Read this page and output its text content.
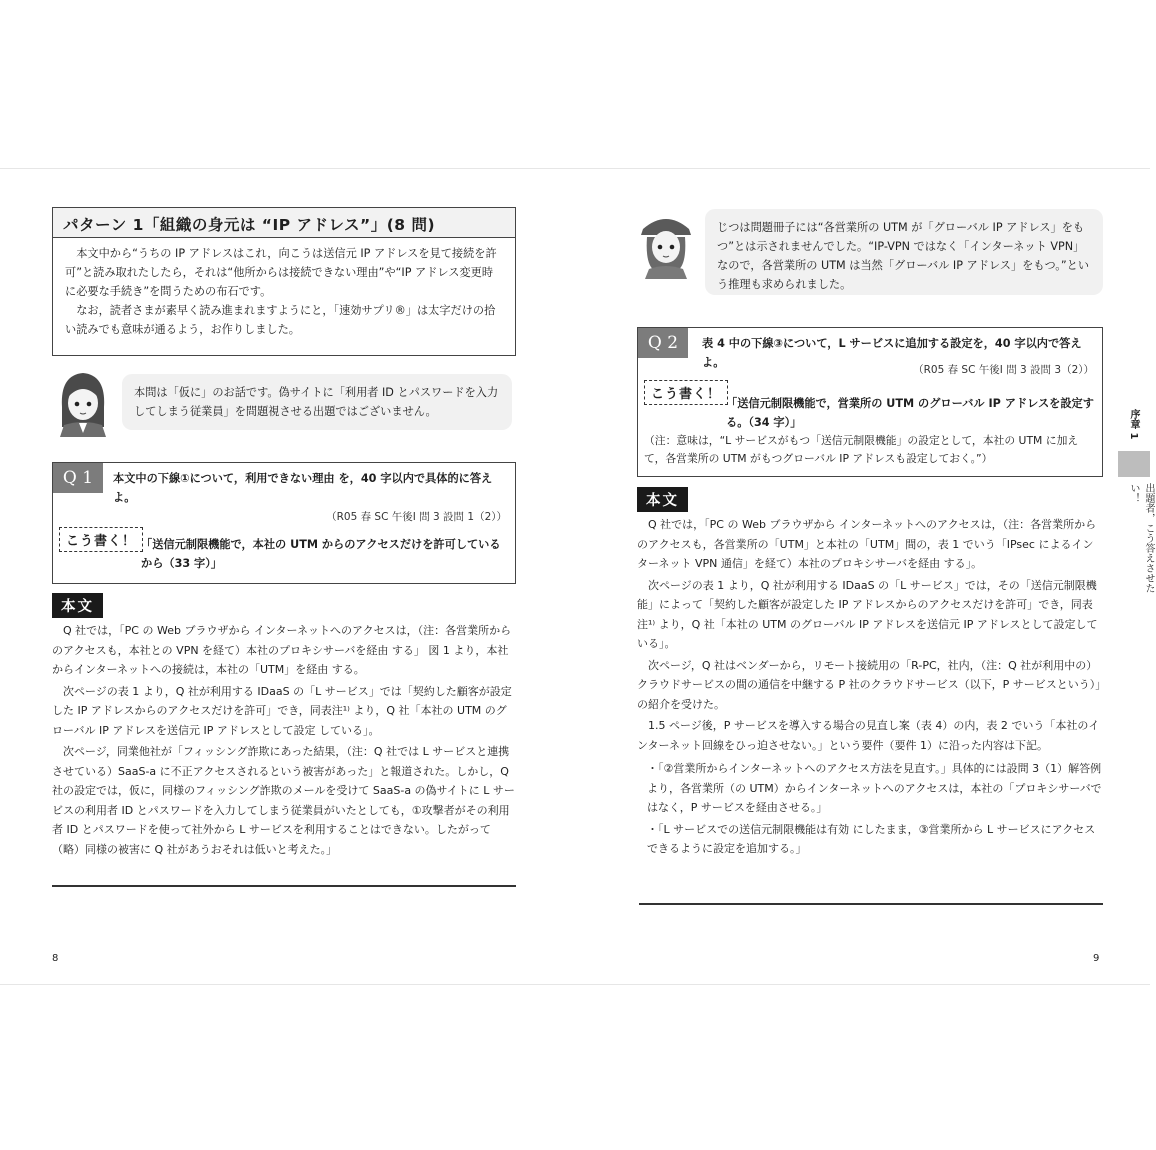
パターン 1「組織の身元は “IP アドレス”」(8 問)

本文中から“うちの IP アドレスはこれ，向こうは送信元 IP アドレスを見て接続を許可”と読み取れたしたら，それは“他所からは接続できない理由”や“IP アドレス変更時に必要な手続き”を問うための布石です。

なお，読者さまが素早く読み進まれますようにと，「速効サプリ®」は太字だけの拾い読みでも意味が通るよう，お作りしました。

本問は「仮に」のお話です。偽サイトに「利用者 ID とパスワードを入力してしまう従業員」を問題視させる出題ではございません。
Q 1	本文中の下線①について，利用できない理由 を，40 字以内で具体的に答えよ。
（R05 春 SC 午後Ⅰ 問 3 設問 1（2））
こう書く！ 「送信元制限機能で，本社の UTM からのアクセスだけを許可しているから（33 字）」
本文

Q 社では，「PC の Web ブラウザから インターネットへのアクセスは，（注：各営業所からのアクセスも，本社との VPN を経て）本社のプロキシサーバを経由 する」 図 1 より，本社からインターネットへの接続は，本社の「UTM」を経由 する。

次ページの表 1 より，Q 社が利用する IDaaS の「L サービス」では「契約した顧客が設定した IP アドレスからのアクセスだけを許可」でき，同表注¹⁾ より，Q 社「本社の UTM のグローバル IP アドレスを送信元 IP アドレスとして設定 している」。

次ページ，同業他社が「フィッシング詐欺にあった結果，（注：Q 社では L サービスと連携させている）SaaS-a に不正アクセスされるという被害があった」と報道された。しかし，Q 社の設定では，仮に，同様のフィッシング詐欺のメールを受けて SaaS-a の偽サイトに L サービスの利用者 ID とパスワードを入力してしまう従業員がいたとしても，①攻撃者がその利用者 ID とパスワードを使って社外から L サービスを利用することはできない。したがって（略）同様の被害に Q 社があうおそれは低いと考えた。」

8
じつは問題冊子には“各営業所の UTM が「グローバル IP アドレス」をもつ”とは示されませんでした。“IP-VPN ではなく「インターネット VPN」なので，各営業所の UTM は当然「グローバル IP アドレス」をもつ。”という推理も求められました。
Q 2	表 4 中の下線③について，L サービスに追加する設定を，40 字以内で答えよ。
（R05 春 SC 午後Ⅰ 問 3 設問 3（2））
こう書く！
「送信元制限機能で，営業所の UTM のグローバル IP アドレスを設定する。（34 字）」
（注：意味は，“L サービスがもつ「送信元制限機能」の設定として，本社の UTM に加えて，各営業所の UTM がもつグローバル IP アドレスも設定しておく。”）
本文

Q 社では，「PC の Web ブラウザから インターネットへのアクセスは，（注：各営業所からのアクセスも，各営業所の「UTM」と本社の「UTM」間の，表 1 でいう「IPsec によるインターネット VPN 通信」を経て）本社のプロキシサーバを経由 する」。

次ページの表 1 より，Q 社が利用する IDaaS の「L サービス」では，その「送信元制限機能」によって「契約した顧客が設定した IP アドレスからのアクセスだけを許可」でき，同表注¹⁾ より，Q 社「本社の UTM のグローバル IP アドレスを送信元 IP アドレスとして設定している」。

次ページ，Q 社はベンダーから，リモート接続用の「R-PC，社内，（注：Q 社が利用中の）クラウドサービスの間の通信を中継する P 社のクラウドサービス（以下，P サービスという）」の紹介を受けた。

1.5 ページ後，P サービスを導入する場合の見直し案（表 4）の内，表 2 でいう「本社のインターネット回線をひっ迫させない。」という要件（要件 1）に沿った内容は下記。

・「②営業所からインターネットへのアクセス方法を見直す。」具体的には設問 3（1）解答例より，各営業所（の UTM）からインターネットへのアクセスは，本社の「プロキシサーバではなく，P サービスを経由させる。」
・「L サービスでの送信元制限機能は有効 にしたまま，③営業所から L サービスにアクセスできるように設定を追加する。」
9
序章 1
出題者，こう答えさせたい！
